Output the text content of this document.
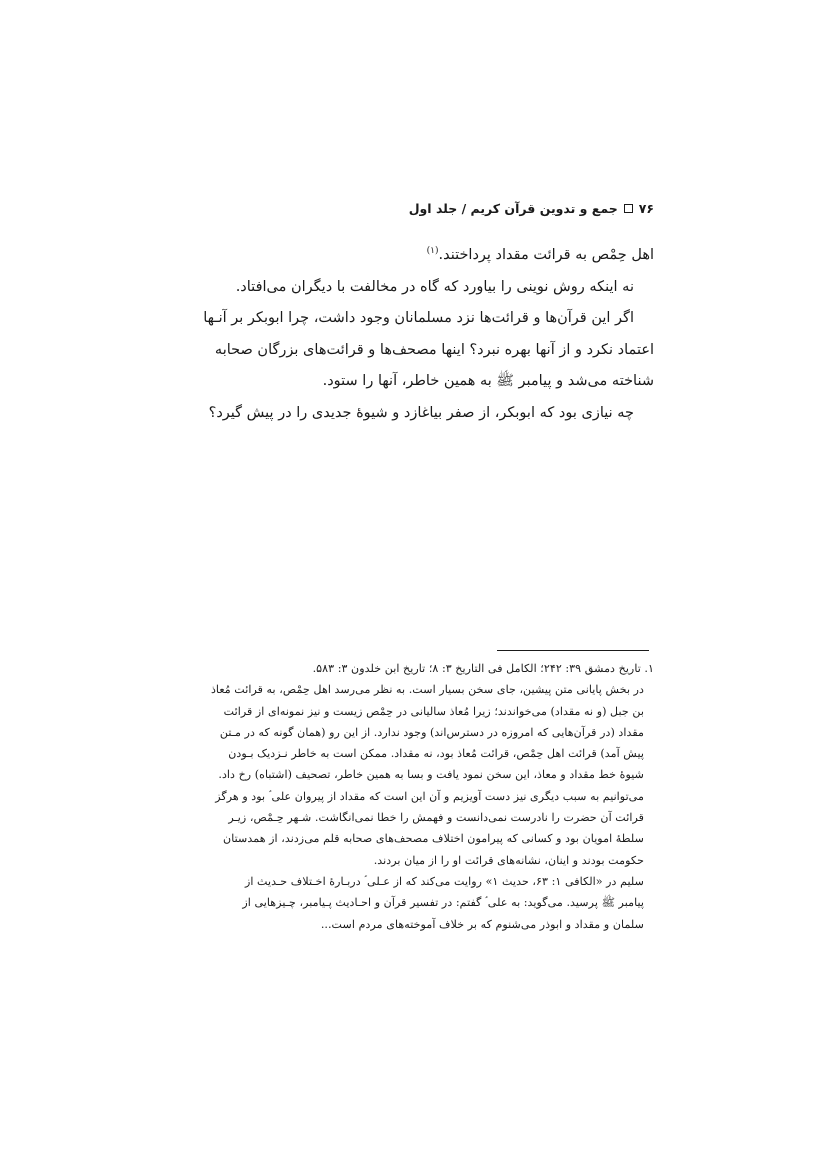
۷۶
جمع و تدوین قرآن کریم / جلد اول

اهل حِمْص به قرائت مقداد پرداختند.$^{(۱)}$

نه اینکه روش نوینی را بیاورد که گاه در مخالفت با دیگران می‌افتاد.

اگر این قرآن‌ها و قرائت‌ها نزد مسلمانان وجود داشت، چرا ابوبکر بر آنـها

اعتماد نکرد و از آنها بهره نبرد؟ اینها مصحف‌ها و قرائت‌های بزرگان صحابه

شناخته می‌شد و پیامبر ﷺ به همین خاطر، آنها را ستود.

چه نیازی بود که ابوبکر، از صفر بیاغازد و شیوهٔ جدیدی را در پیش گیرد؟

۱. تاریخ دمشق ۳۹: ۲۴۲؛ الکامل فی التاریخ ۳: ۸؛ تاریخ ابن خلدون ۳: ۵۸۳.

در بخش پایانی متن پیشین، جای سخن بسیار است. به نظر می‌رسد اهل حِمْص، به قرائت مُعاذ

بن جبل (و نه مقداد) می‌خواندند؛ زیرا مُعاذ سالیانی در حِمْص زیست و نیز نمونه‌ای از قرائت

مقداد (در قرآن‌هایی که امروزه در دسترس‌اند) وجود ندارد. از این رو (همان گونه که در مـتن

پیش آمد) قرائت اهل حِمْص، قرائت مُعاذ بود، نه مقداد. ممکن است به خاطر نـزدیک بـودن

شیوهٔ خط مقداد و معاذ، این سخن نمود یافت و بسا به همین خاطر، تصحیف (اشتباه) رخ داد.

می‌توانیم به سبب دیگری نیز دست آویزیم و آن این است که مقداد از پیروان علی ؑ بود و هرگز

قرائت آن حضرت را نادرست نمی‌دانست و فهمش را خطا نمی‌انگاشت. شـهر حِـمْص، زیـر

سلطهٔ امویان بود و کسانی که پیرامون اختلاف مصحف‌های صحابه قلم می‌زدند، از همدستان

حکومت بودند و اینان، نشانه‌های قرائت او را از میان بردند.

سلیم در «الکافی ۱: ۶۳، حدیث ۱» روایت می‌کند که از عـلی ؑ دربـارهٔ اخـتلاف حـدیث از

پیامبر ﷺ پرسید. می‌گوید: به علی ؑ گفتم: در تفسیر قرآن و احـادیث پـیامبر، چـیزهایی از

سلمان و مقداد و ابوذر می‌شنوم که بر خلاف آموخته‌های مردم است...
